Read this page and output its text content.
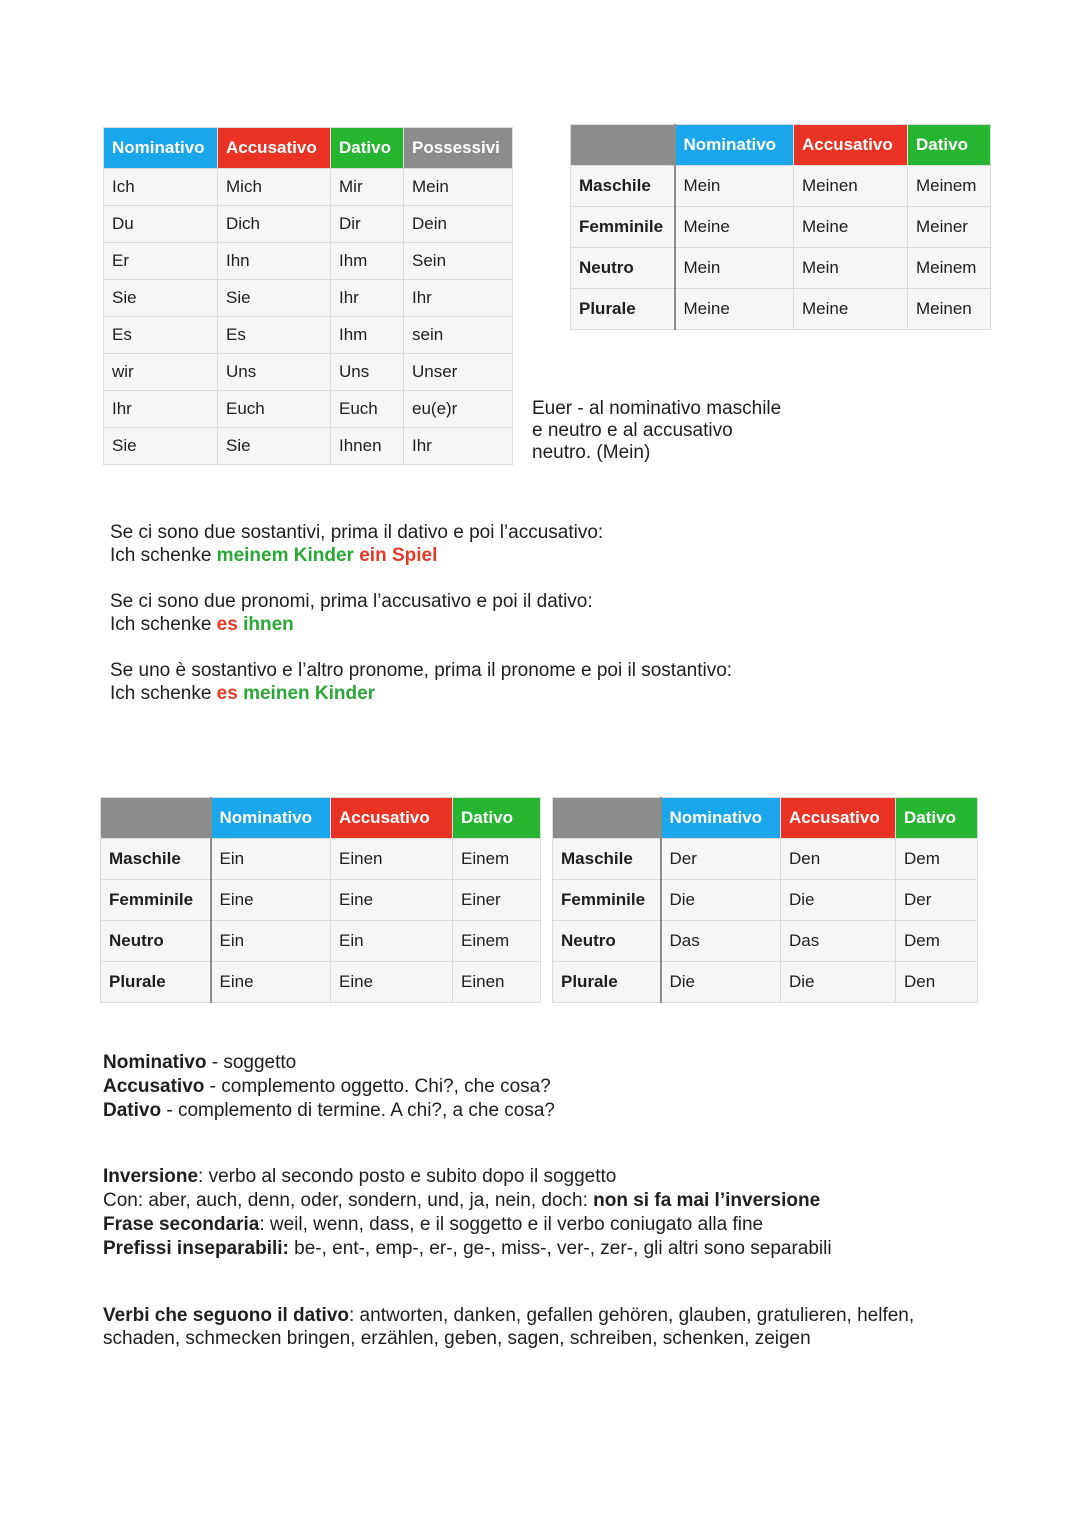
Nominativo	Accusativo	Dativo	Possessivi
Ich	Mich	Mir	Mein
Du	Dich	Dir	Dein
Er	Ihn	Ihm	Sein
Sie	Sie	Ihr	Ihr
Es	Es	Ihm	sein
wir	Uns	Uns	Unser
Ihr	Euch	Euch	eu(e)r
Sie	Sie	Ihnen	Ihr
	Nominativo	Accusativo	Dativo
Maschile	Mein	Meinen	Meinem
Femminile	Meine	Meine	Meiner
Neutro	Mein	Mein	Meinem
Plurale	Meine	Meine	Meinen

Euer - al nominativo maschile e neutro e al accusativo neutro. (Mein)

Se ci sono due sostantivi, prima il dativo e poi l’accusativo:
Ich schenke meinem Kinder ein Spiel

Se ci sono due pronomi, prima l’accusativo e poi il dativo:
Ich schenke es ihnen

Se uno è sostantivo e l’altro pronome, prima il pronome e poi il sostantivo:
Ich schenke es meinen Kinder

	Nominativo	Accusativo	Dativo
Maschile	Ein	Einen	Einem
Femminile	Eine	Eine	Einer
Neutro	Ein	Ein	Einem
Plurale	Eine	Eine	Einen
	Nominativo	Accusativo	Dativo
Maschile	Der	Den	Dem
Femminile	Die	Die	Der
Neutro	Das	Das	Dem
Plurale	Die	Die	Den

Nominativo - soggetto
Accusativo - complemento oggetto. Chi?, che cosa?
Dativo - complemento di termine. A chi?, a che cosa?

Inversione: verbo al secondo posto e subito dopo il soggetto
Con: aber, auch, denn, oder, sondern, und, ja, nein, doch: non si fa mai l’inversione
Frase secondaria: weil, wenn, dass, e il soggetto e il verbo coniugato alla fine
Prefissi inseparabili: be-, ent-, emp-, er-, ge-, miss-, ver-, zer-, gli altri sono separabili

Verbi che seguono il dativo: antworten, danken, gefallen gehören, glauben, gratulieren, helfen, schaden, schmecken bringen, erzählen, geben, sagen, schreiben, schenken, zeigen
